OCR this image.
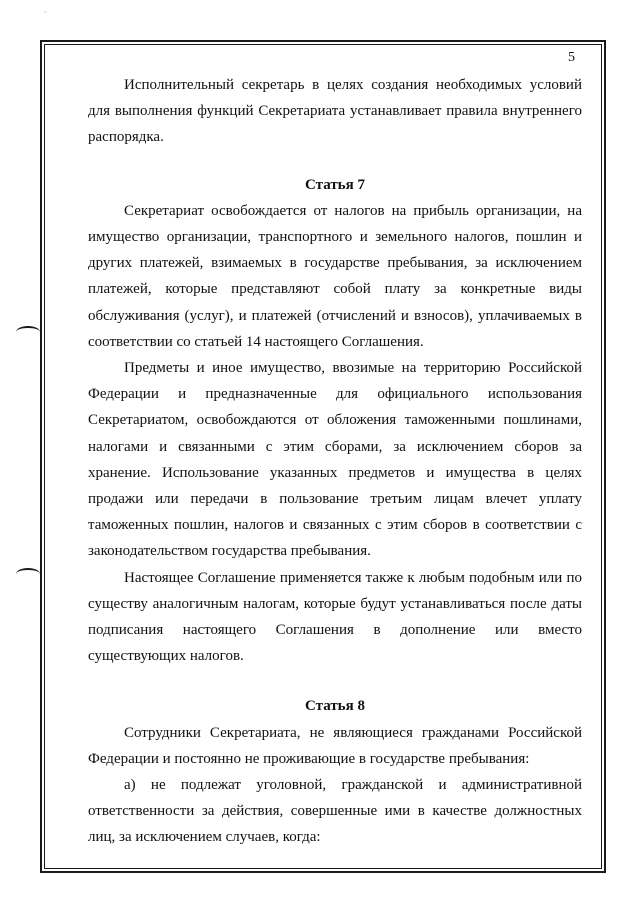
ˇ
5

Исполнительный секретарь в целях создания необходимых условий для выполнения функций Секретариата устанавливает правила внутреннего распорядка.

Статья 7

Секретариат освобождается от налогов на прибыль организации, на имущество организации, транспортного и земельного налогов, пошлин и других платежей, взимаемых в государстве пребывания, за исключением платежей, которые представляют собой плату за конкретные виды обслуживания (услуг), и платежей (отчислений и взносов), уплачиваемых в соответствии со статьей 14 настоящего Соглашения.

Предметы и иное имущество, ввозимые на территорию Российской Федерации и предназначенные для официального использования Секретариатом, освобождаются от обложения таможенными пошлинами, налогами и связанными с этим сборами, за исключением сборов за хранение. Использование указанных предметов и имущества в целях продажи или передачи в пользование третьим лицам влечет уплату таможенных пошлин, налогов и связанных с этим сборов в соответствии с законодательством государства пребывания.

Настоящее Соглашение применяется также к любым подобным или по существу аналогичным налогам, которые будут устанавливаться после даты подписания настоящего Соглашения в дополнение или вместо существующих налогов.

Статья 8

Сотрудники Секретариата, не являющиеся гражданами Российской Федерации и постоянно не проживающие в государстве пребывания:

а) не подлежат уголовной, гражданской и административной ответственности за действия, совершенные ими в качестве должностных лиц, за исключением случаев, когда:
